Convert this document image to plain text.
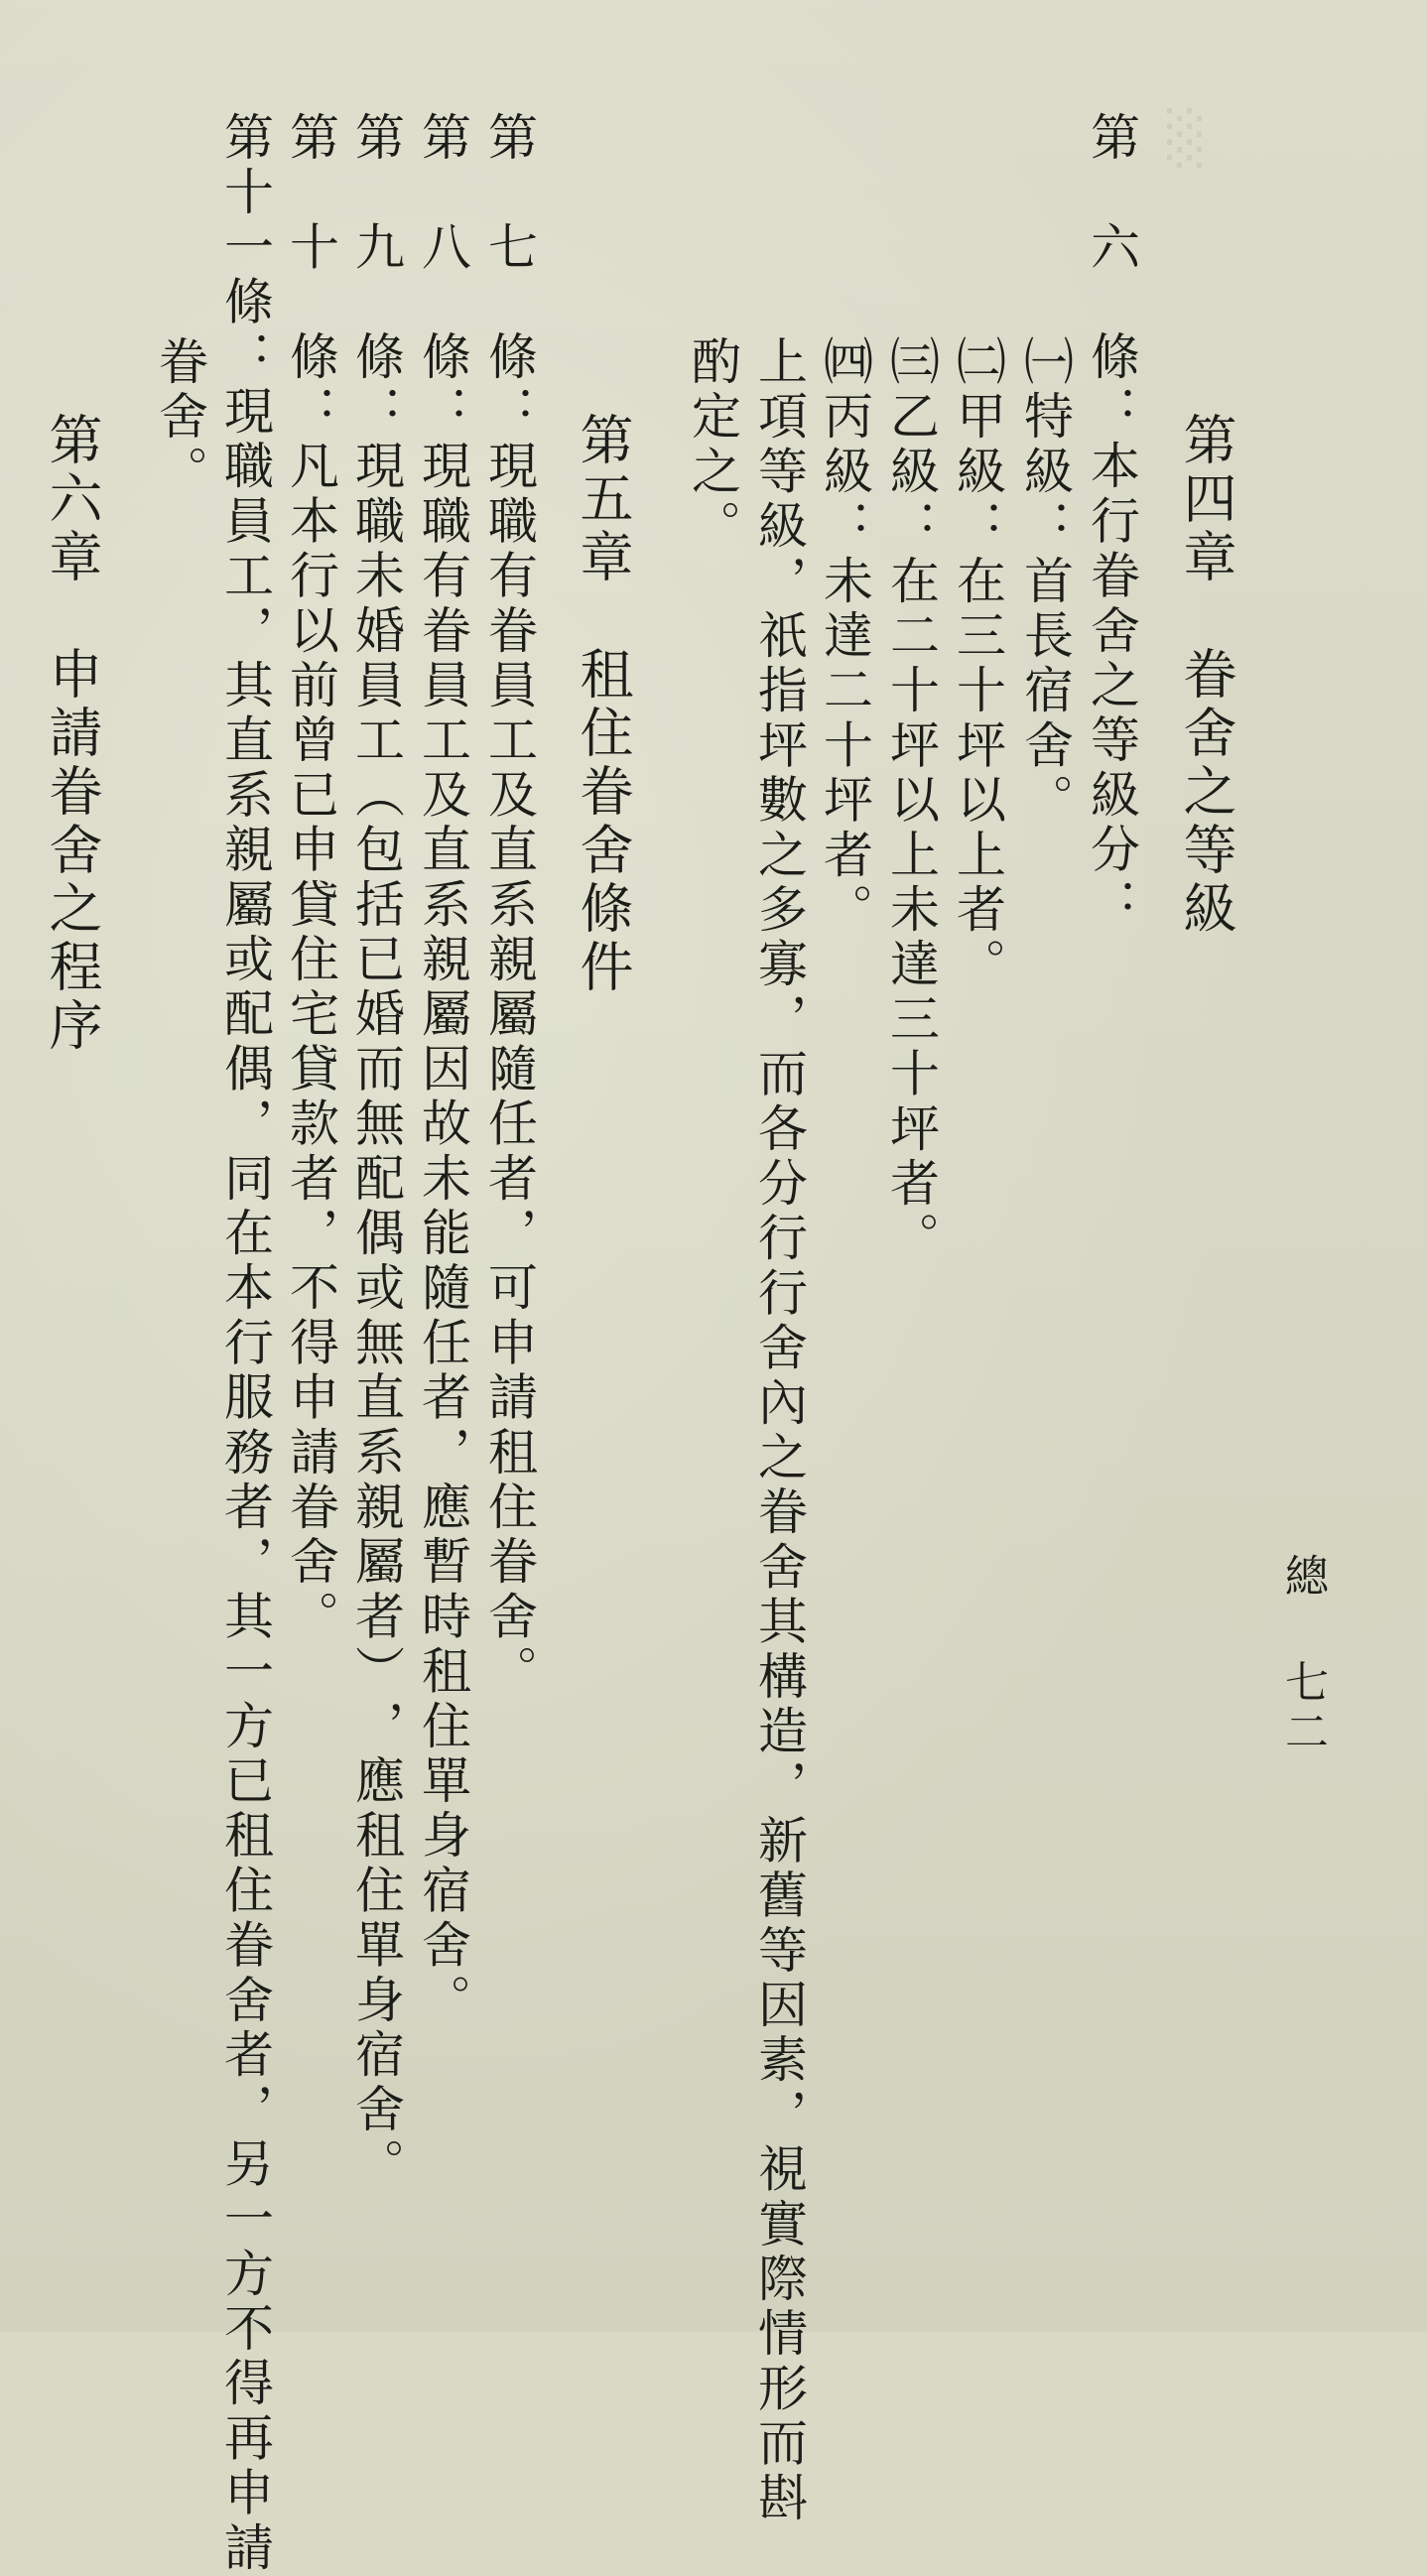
░
總 七二
第四章　眷舍之等級
第　六　條：本行眷舍之等級分：
㈠特級：首長宿舍。
㈡甲級：在三十坪以上者。
㈢乙級：在二十坪以上未達三十坪者。
㈣丙級：未達二十坪者。
上項等級，祇指坪數之多寡，而各分行行舍內之眷舍其構造，新舊等因素，視實際情形而斟
酌定之。
第五章　租住眷舍條件
第　七　條：現職有眷員工及直系親屬隨任者，可申請租住眷舍。
第　八　條：現職有眷員工及直系親屬因故未能隨任者，應暫時租住單身宿舍。
第　九　條：現職未婚員工︵包括已婚而無配偶或無直系親屬者︶，應租住單身宿舍。
第　十　條：凡本行以前曾已申貸住宅貸款者，不得申請眷舍。
第十一條：現職員工，其直系親屬或配偶，同在本行服務者，其一方已租住眷舍者，另一方不得再申請
眷舍。
第六章　申請眷舍之程序
